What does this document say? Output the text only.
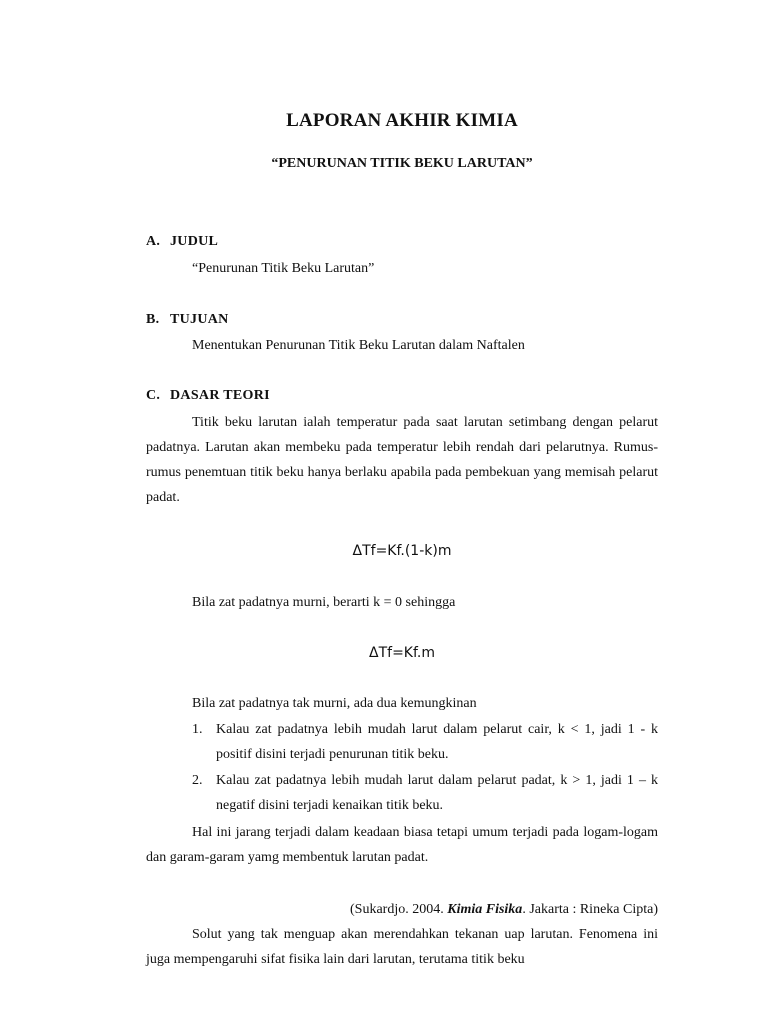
LAPORAN AKHIR KIMIA
“PENURUNAN TITIK BEKU LARUTAN”
A. JUDUL
“Penurunan Titik Beku Larutan”
B. TUJUAN
Menentukan Penurunan Titik Beku Larutan dalam Naftalen
C. DASAR TEORI
Titik beku larutan ialah temperatur pada saat larutan setimbang dengan pelarut padatnya. Larutan akan membeku pada temperatur lebih rendah dari pelarutnya. Rumus-rumus penemtuan titik beku hanya berlaku apabila pada pembekuan yang memisah pelarut padat.
ΔTf=Kf.(1-k)m
Bila zat padatnya murni, berarti k = 0 sehingga
ΔTf=Kf.m
Bila zat padatnya tak murni, ada dua kemungkinan
1. Kalau zat padatnya lebih mudah larut dalam pelarut cair, k < 1, jadi 1 - k positif disini terjadi penurunan titik beku.
2. Kalau zat padatnya lebih mudah larut dalam pelarut padat, k > 1, jadi 1 – k negatif disini terjadi kenaikan titik beku.
Hal ini jarang terjadi dalam keadaan biasa tetapi umum terjadi pada logam-logam dan garam-garam yamg membentuk larutan padat.
(Sukardjo. 2004. Kimia Fisika. Jakarta : Rineka Cipta)
Solut yang tak menguap akan merendahkan tekanan uap larutan. Fenomena ini juga mempengaruhi sifat fisika lain dari larutan, terutama titik beku
